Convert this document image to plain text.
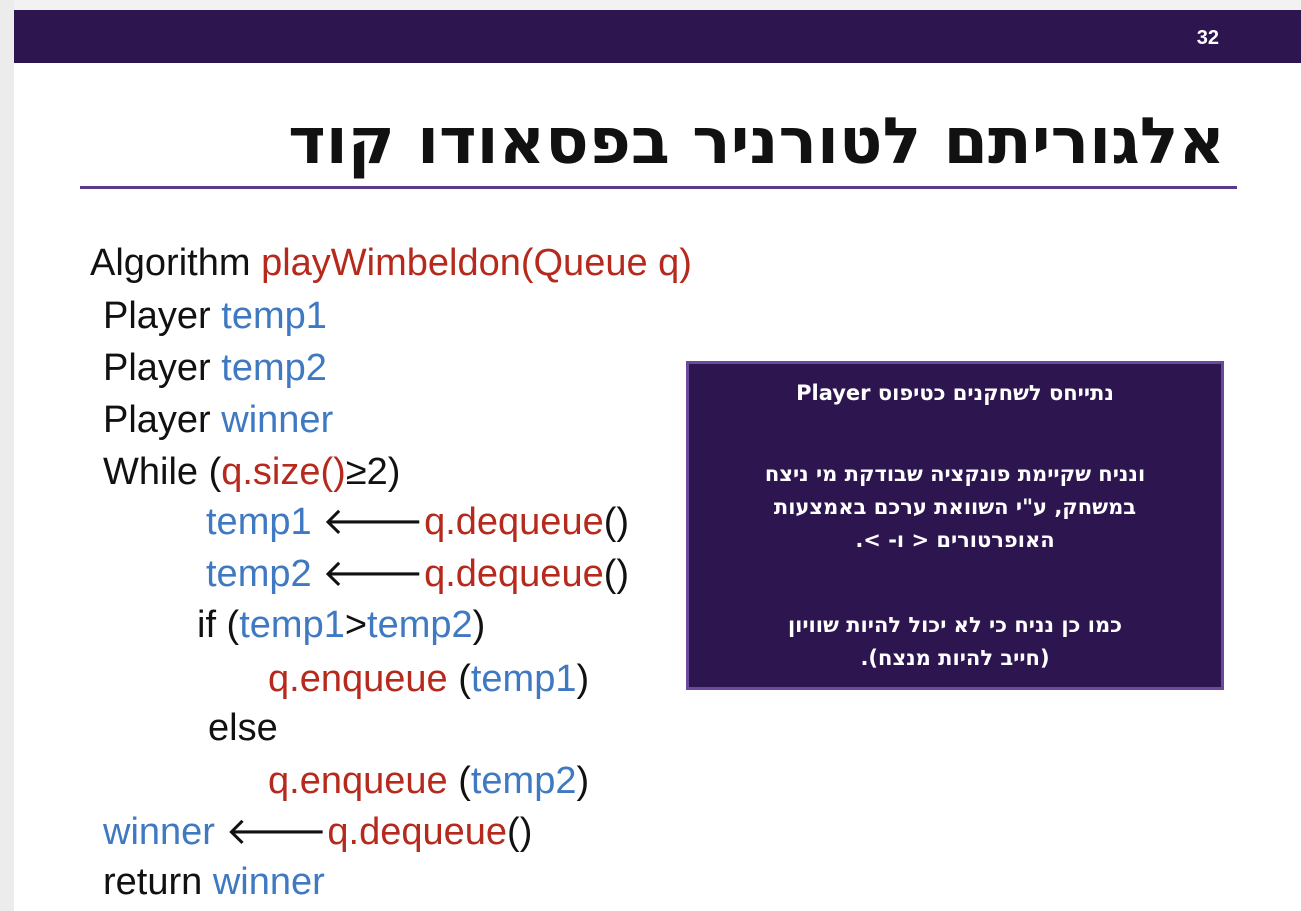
32
אלגוריתם לטורניר בפסאודו קוד
Algorithm playWimbeldon(Queue q)
Player temp1
Player temp2
Player winner
While (q.size()≥2)
temp1 🡐q.dequeue()
temp2 🡐q.dequeue()
if (temp1>temp2)
q.enqueue (temp1)
else
q.enqueue (temp2)
winner 🡐q.dequeue()
return winner
נתייחס לשחקנים כטיפוס Player
ונניח שקיימת פונקציה שבודקת מי ניצח
במשחק, ע"י השוואת ערכם באמצעות
האופרטורים < ו- >.
כמו כן נניח כי לא יכול להיות שוויון
(חייב להיות מנצח).
